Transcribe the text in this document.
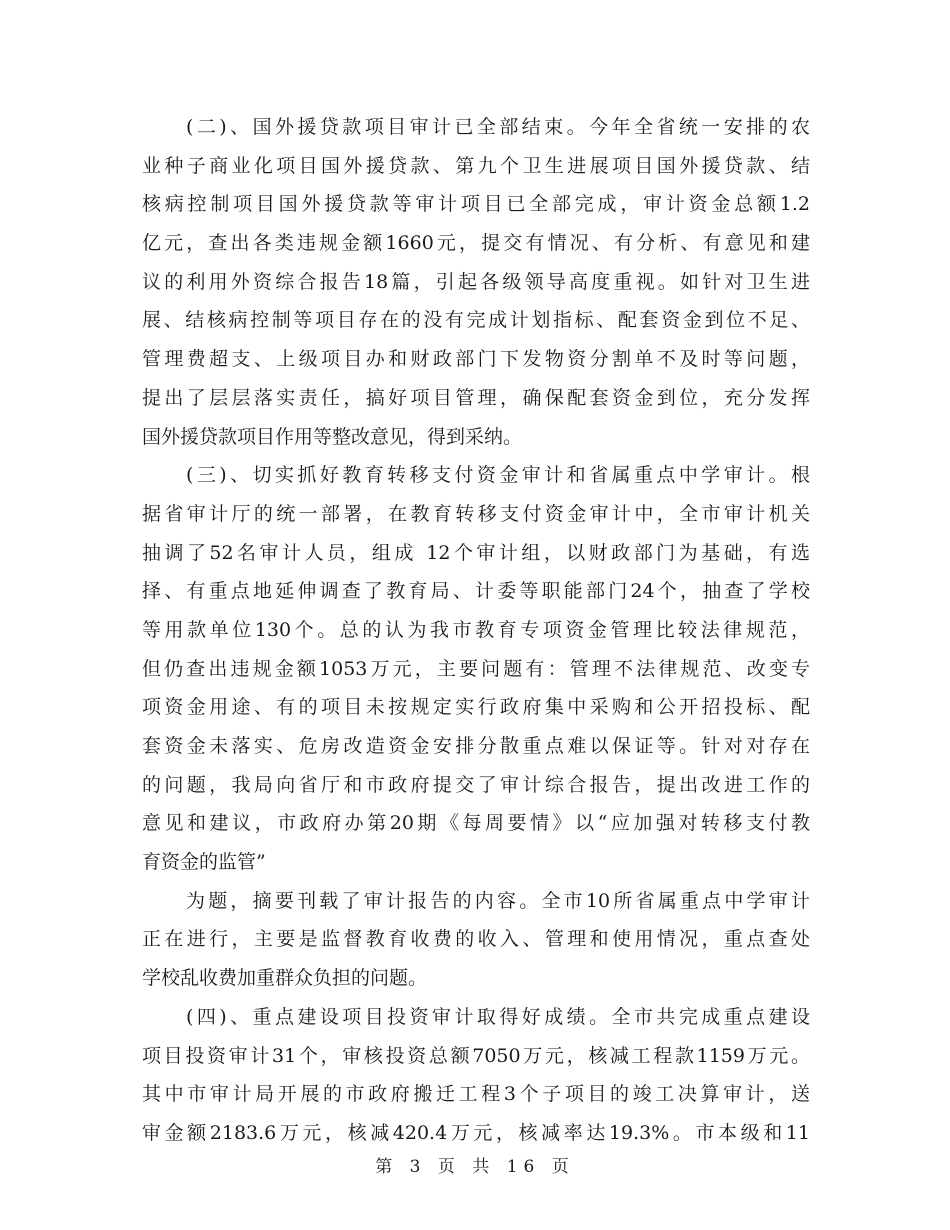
(二)、国外援贷款项目审计已全部结束。今年全省统一安排的农
业种子商业化项目国外援贷款、第九个卫生进展项目国外援贷款、结
核病控制项目国外援贷款等审计项目已全部完成，审计资金总额1.2
亿元，查出各类违规金额1660元，提交有情况、有分析、有意见和建
议的利用外资综合报告18篇，引起各级领导高度重视。如针对卫生进
展、结核病控制等项目存在的没有完成计划指标、配套资金到位不足、
管理费超支、上级项目办和财政部门下发物资分割单不及时等问题，
提出了层层落实责任，搞好项目管理，确保配套资金到位，充分发挥
国外援贷款项目作用等整改意见，得到采纳。
(三)、切实抓好教育转移支付资金审计和省属重点中学审计。根
据省审计厅的统一部署，在教育转移支付资金审计中，全市审计机关
抽调了52名审计人员，组成 12个审计组，以财政部门为基础，有选
择、有重点地延伸调查了教育局、计委等职能部门24个，抽查了学校
等用款单位130个。总的认为我市教育专项资金管理比较法律规范，
但仍查出违规金额1053万元，主要问题有：管理不法律规范、改变专
项资金用途、有的项目未按规定实行政府集中采购和公开招投标、配
套资金未落实、危房改造资金安排分散重点难以保证等。针对对存在
的问题，我局向省厅和市政府提交了审计综合报告，提出改进工作的
意见和建议，市政府办第20期《每周要情》以“应加强对转移支付教
育资金的监管”
为题，摘要刊载了审计报告的内容。全市10所省属重点中学审计
正在进行，主要是监督教育收费的收入、管理和使用情况，重点查处
学校乱收费加重群众负担的问题。
(四)、重点建设项目投资审计取得好成绩。全市共完成重点建设
项目投资审计31个，审核投资总额7050万元，核减工程款1159万元。
其中市审计局开展的市政府搬迁工程3个子项目的竣工决算审计，送
审金额2183.6万元，核减420.4万元，核减率达19.3%。市本级和11
第 3 页 共 16 页
